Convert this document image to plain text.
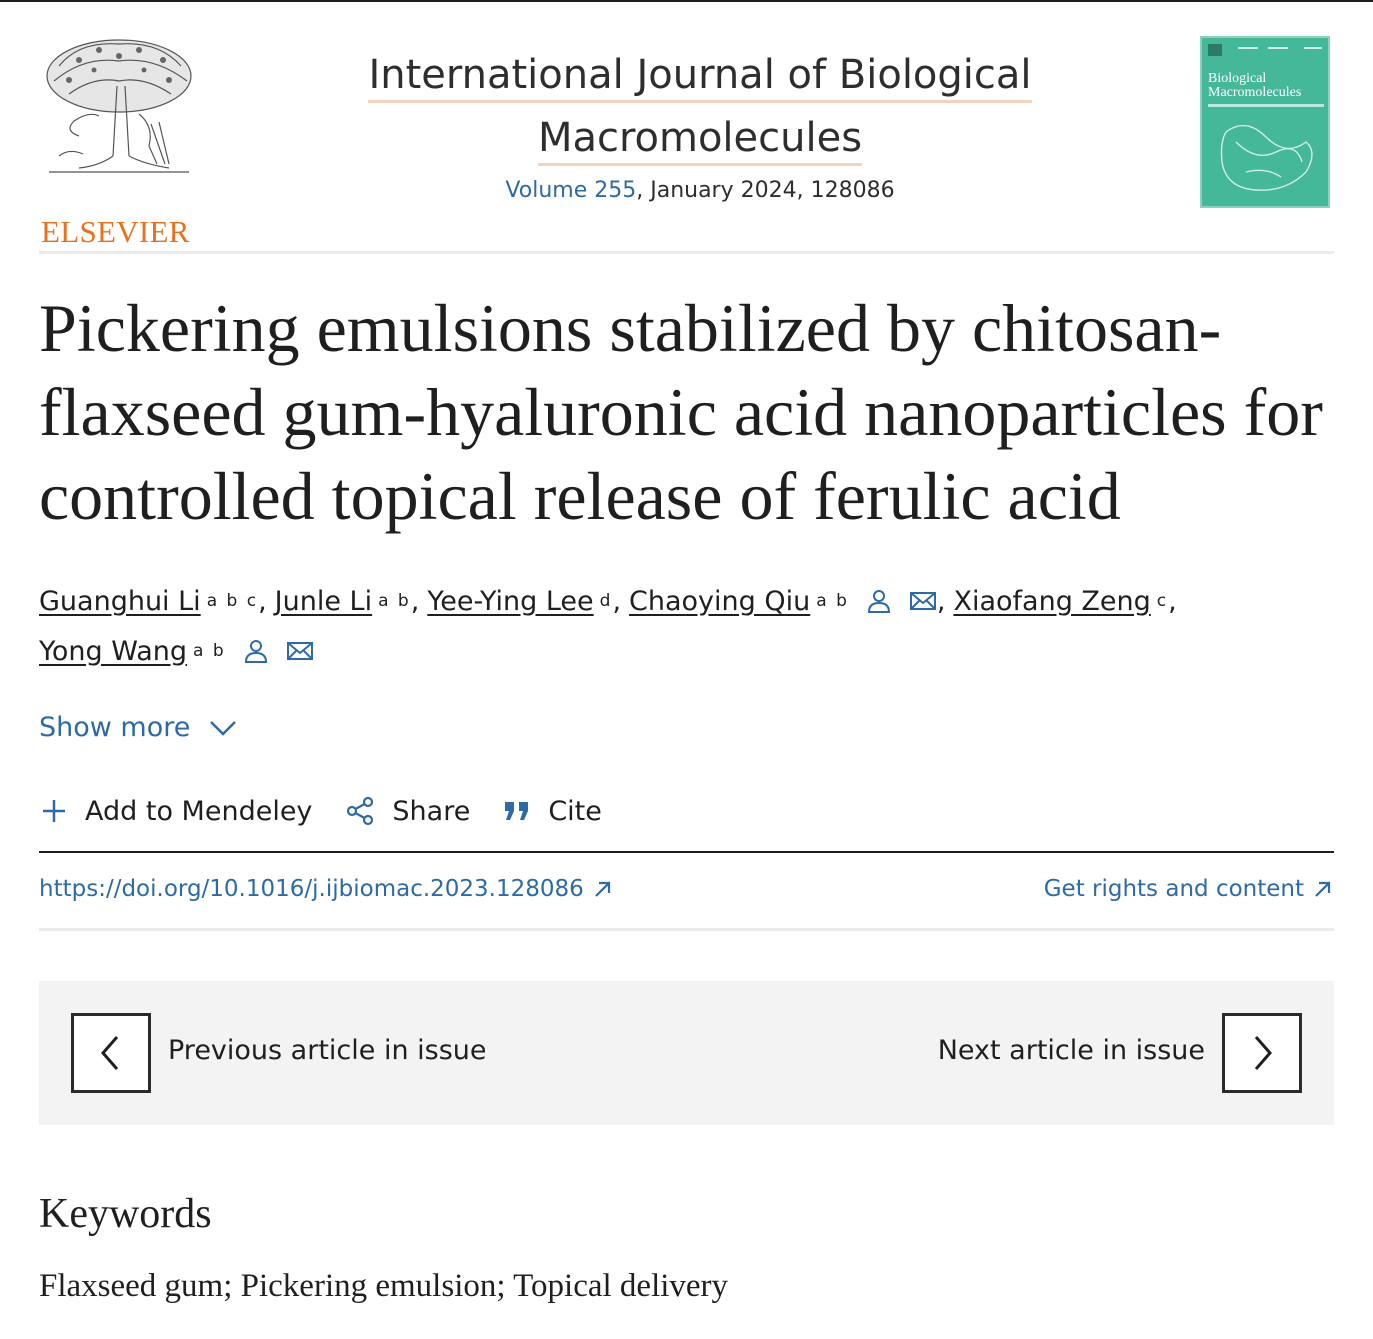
ELSEVIER
International Journal of Biological
Macromolecules
Volume 255, January 2024, 128086
Biological
Macromolecules
Pickering emulsions stabilized by chitosan-flaxseed gum-hyaluronic acid nanoparticles for controlled topical release of ferulic acid
Guanghui Li a b c , Junle Li a b , Yee-Ying Lee d , Chaoying Qiu a b	, Xiaofang Zeng c ,
Yong Wang a b
Show more
Add to Mendeley	Share	Cite
https://doi.org/10.1016/j.ijbiomac.2023.128086	Get rights and content
Previous article in issue	Next article in issue
Keywords
Flaxseed gum; Pickering emulsion; Topical delivery
